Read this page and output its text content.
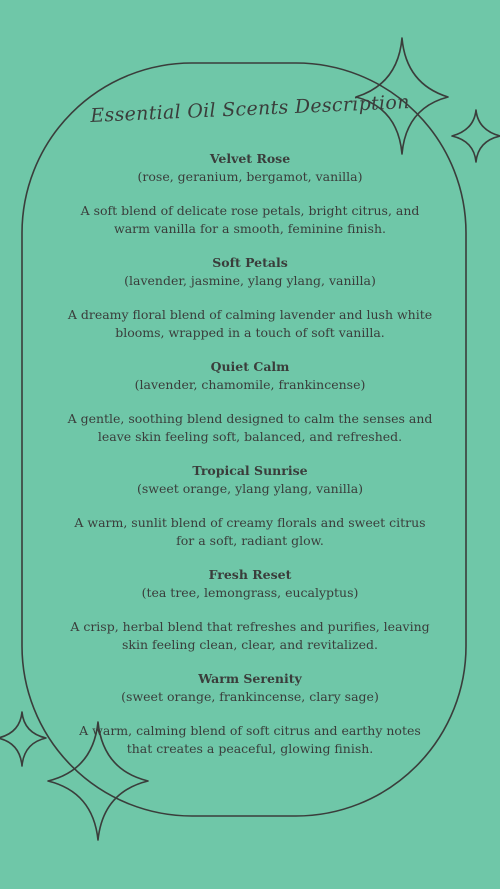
Essential Oil Scents Description

Velvet Rose

(rose, geranium, bergamot, vanilla)

A soft blend of delicate rose petals, bright citrus, and warm vanilla for a smooth, feminine finish.

Soft Petals

(lavender, jasmine, ylang ylang, vanilla)

A dreamy floral blend of calming lavender and lush white blooms, wrapped in a touch of soft vanilla.

Quiet Calm

(lavender, chamomile, frankincense)

A gentle, soothing blend designed to calm the senses and leave skin feeling soft, balanced, and refreshed.

Tropical Sunrise

(sweet orange, ylang ylang, vanilla)

A warm, sunlit blend of creamy florals and sweet citrus for a soft, radiant glow.

Fresh Reset

(tea tree, lemongrass, eucalyptus)

A crisp, herbal blend that refreshes and purifies, leaving skin feeling clean, clear, and revitalized.

Warm Serenity

(sweet orange, frankincense, clary sage)

A warm, calming blend of soft citrus and earthy notes that creates a peaceful, glowing finish.
